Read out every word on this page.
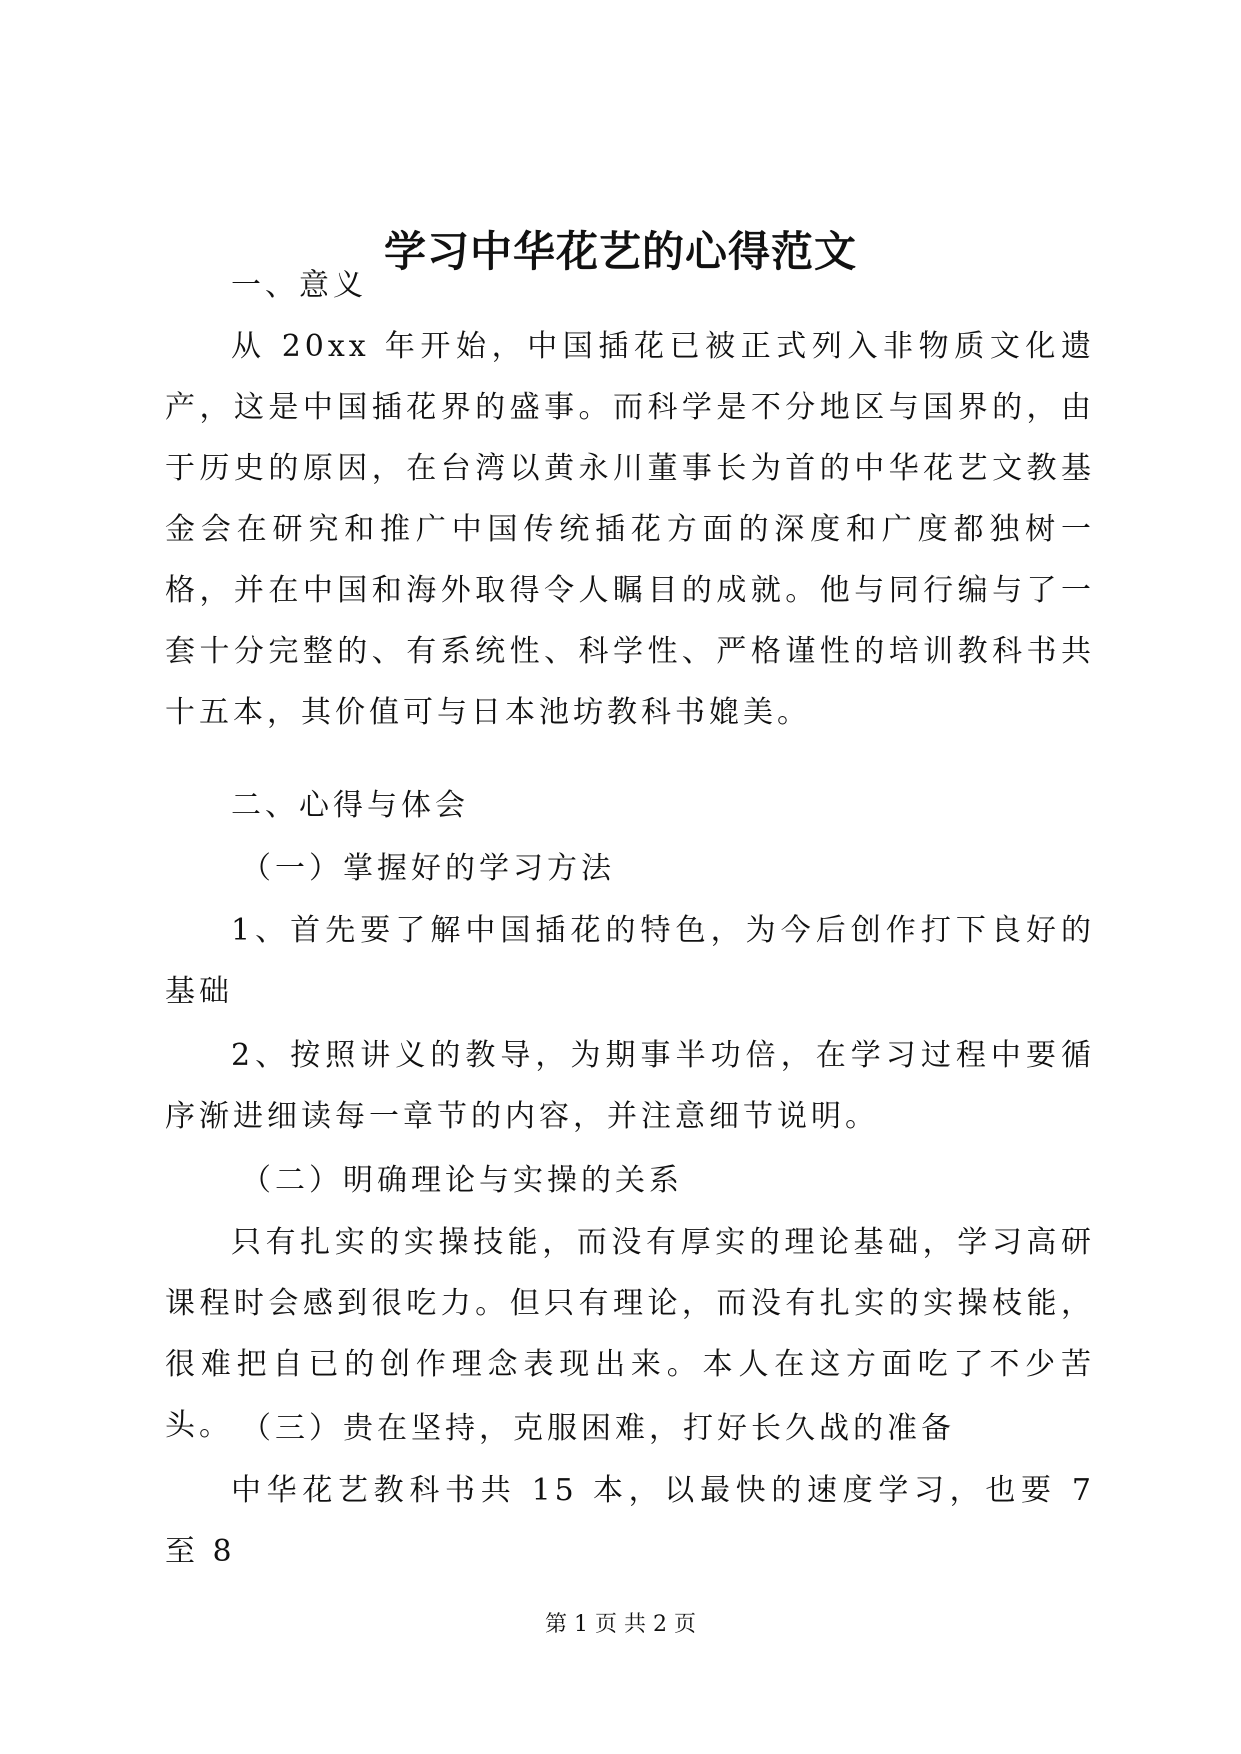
学习中华花艺的心得范文

一、意义

从 20xx 年开始，中国插花已被正式列入非物质文化遗产，这是中国插花界的盛事。而科学是不分地区与国界的，由于历史的原因，在台湾以黄永川董事长为首的中华花艺文教基金会在研究和推广中国传统插花方面的深度和广度都独树一格，并在中国和海外取得令人瞩目的成就。他与同行编与了一套十分完整的、有系统性、科学性、严格谨性的培训教科书共十五本，其价值可与日本池坊教科书媲美。

二、心得与体会

（一）掌握好的学习方法

1、首先要了解中国插花的特色，为今后创作打下良好的基础

2、按照讲义的教导，为期事半功倍，在学习过程中要循序渐进细读每一章节的内容，并注意细节说明。

（二）明确理论与实操的关系

只有扎实的实操技能，而没有厚实的理论基础，学习高研课程时会感到很吃力。但只有理论，而没有扎实的实操枝能，很难把自已的创作理念表现出来。本人在这方面吃了不少苦头。 （三）贵在坚持，克服困难，打好长久战的准备

中华花艺教科书共 15 本，以最快的速度学习，也要 7 至 8

第 1 页 共 2 页
